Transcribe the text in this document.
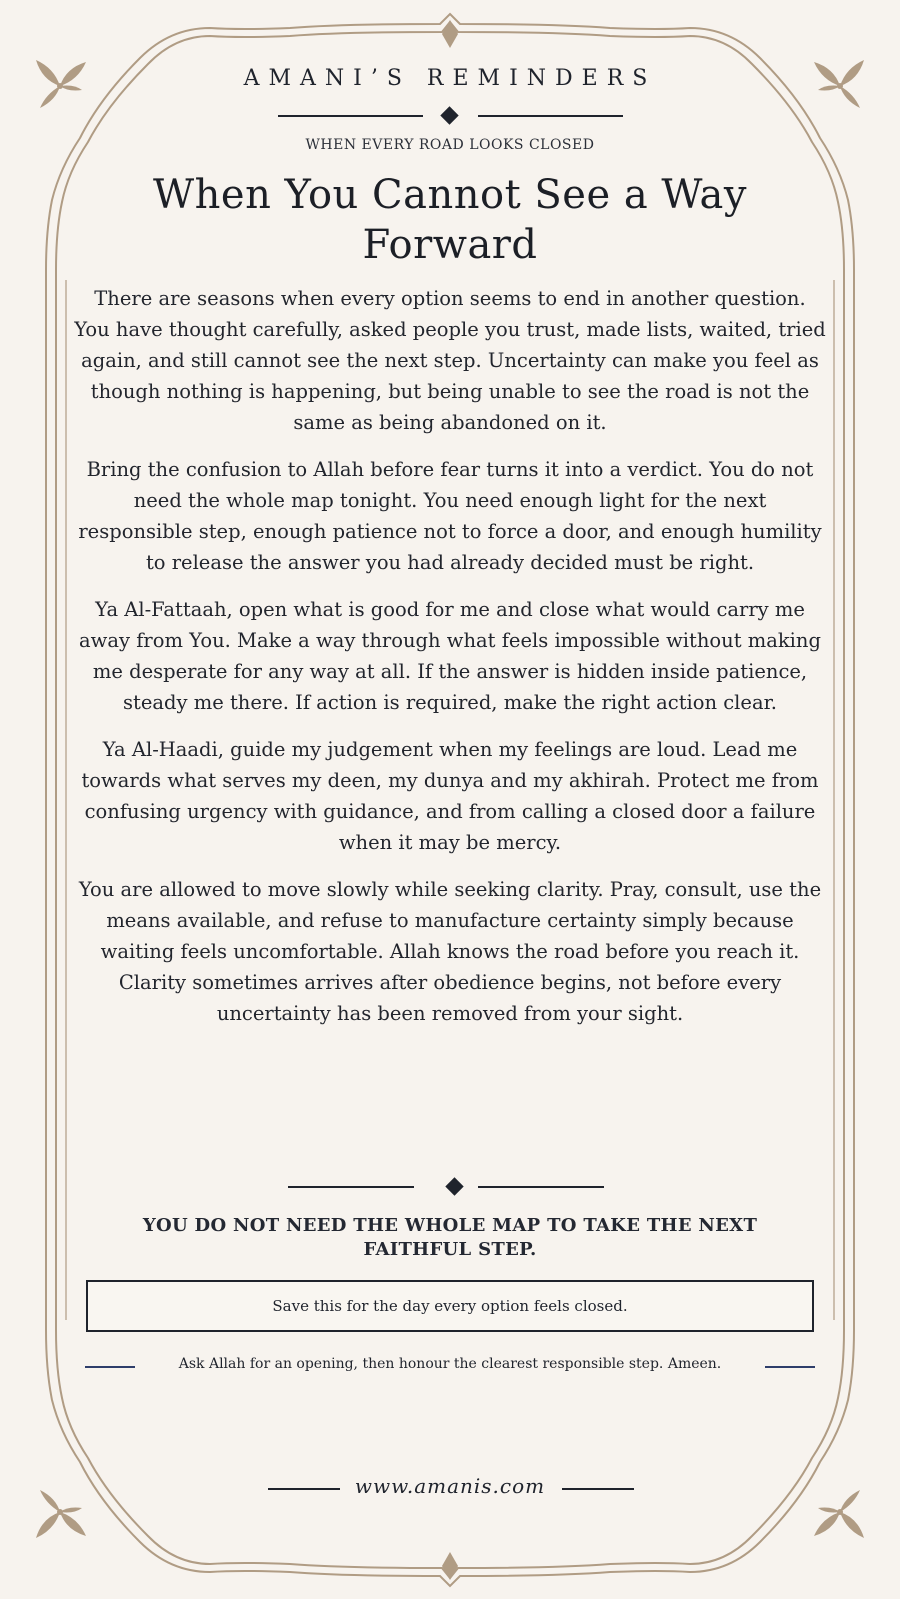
AMANI’S REMINDERS
WHEN EVERY ROAD LOOKS CLOSED
When You Cannot See a Way Forward

There are seasons when every option seems to end in another question. You have thought carefully, asked people you trust, made lists, waited, tried again, and still cannot see the next step. Uncertainty can make you feel as though nothing is happening, but being unable to see the road is not the same as being abandoned on it.

Bring the confusion to Allah before fear turns it into a verdict. You do not need the whole map tonight. You need enough light for the next responsible step, enough patience not to force a door, and enough humility to release the answer you had already decided must be right.

Ya Al-Fattaah, open what is good for me and close what would carry me away from You. Make a way through what feels impossible without making me desperate for any way at all. If the answer is hidden inside patience, steady me there. If action is required, make the right action clear.

Ya Al-Haadi, guide my judgement when my feelings are loud. Lead me towards what serves my deen, my dunya and my akhirah. Protect me from confusing urgency with guidance, and from calling a closed door a failure when it may be mercy.

You are allowed to move slowly while seeking clarity. Pray, consult, use the means available, and refuse to manufacture certainty simply because waiting feels uncomfortable. Allah knows the road before you reach it. Clarity sometimes arrives after obedience begins, not before every uncertainty has been removed from your sight.

YOU DO NOT NEED THE WHOLE MAP TO TAKE THE NEXT FAITHFUL STEP.
Save this for the day every option feels closed.
Ask Allah for an opening, then honour the clearest responsible step. Ameen.
www.amanis.com
